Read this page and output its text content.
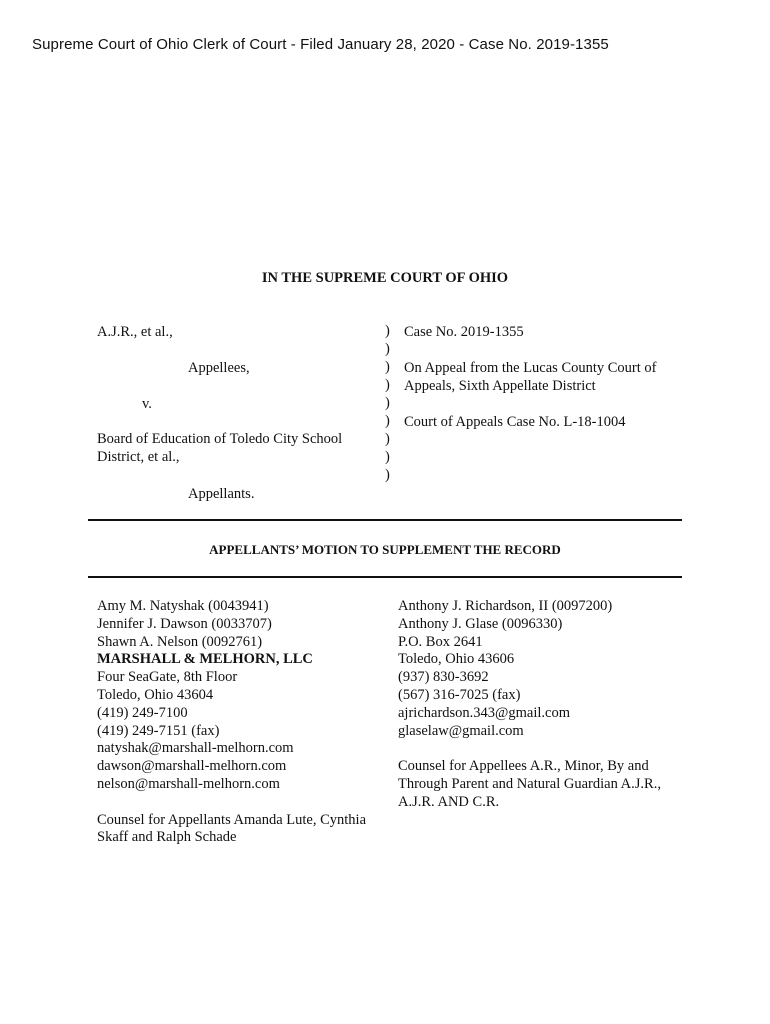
Supreme Court of Ohio Clerk of Court - Filed January 28, 2020 - Case No. 2019-1355
IN THE SUPREME COURT OF OHIO
A.J.R., et al.,
Appellees,
v.
Board of Education of Toledo City School
District, et al.,
Appellants.
)
)
)
)
)
)
)
)
)
Case No. 2019-1355
On Appeal from the Lucas County Court of
Appeals, Sixth Appellate District
Court of Appeals Case No. L-18-1004
APPELLANTS’ MOTION TO SUPPLEMENT THE RECORD
Amy M. Natyshak (0043941)
Jennifer J. Dawson (0033707)
Shawn A. Nelson (0092761)
MARSHALL & MELHORN, LLC
Four SeaGate, 8th Floor
Toledo, Ohio 43604
(419) 249-7100
(419) 249-7151 (fax)
natyshak@marshall-melhorn.com
dawson@marshall-melhorn.com
nelson@marshall-melhorn.com
Counsel for Appellants Amanda Lute, Cynthia
Skaff and Ralph Schade
Anthony J. Richardson, II (0097200)
Anthony J. Glase (0096330)
P.O. Box 2641
Toledo, Ohio 43606
(937) 830-3692
(567) 316-7025 (fax)
ajrichardson.343@gmail.com
glaselaw@gmail.com
Counsel for Appellees A.R., Minor, By and
Through Parent and Natural Guardian A.J.R.,
A.J.R. AND C.R.
